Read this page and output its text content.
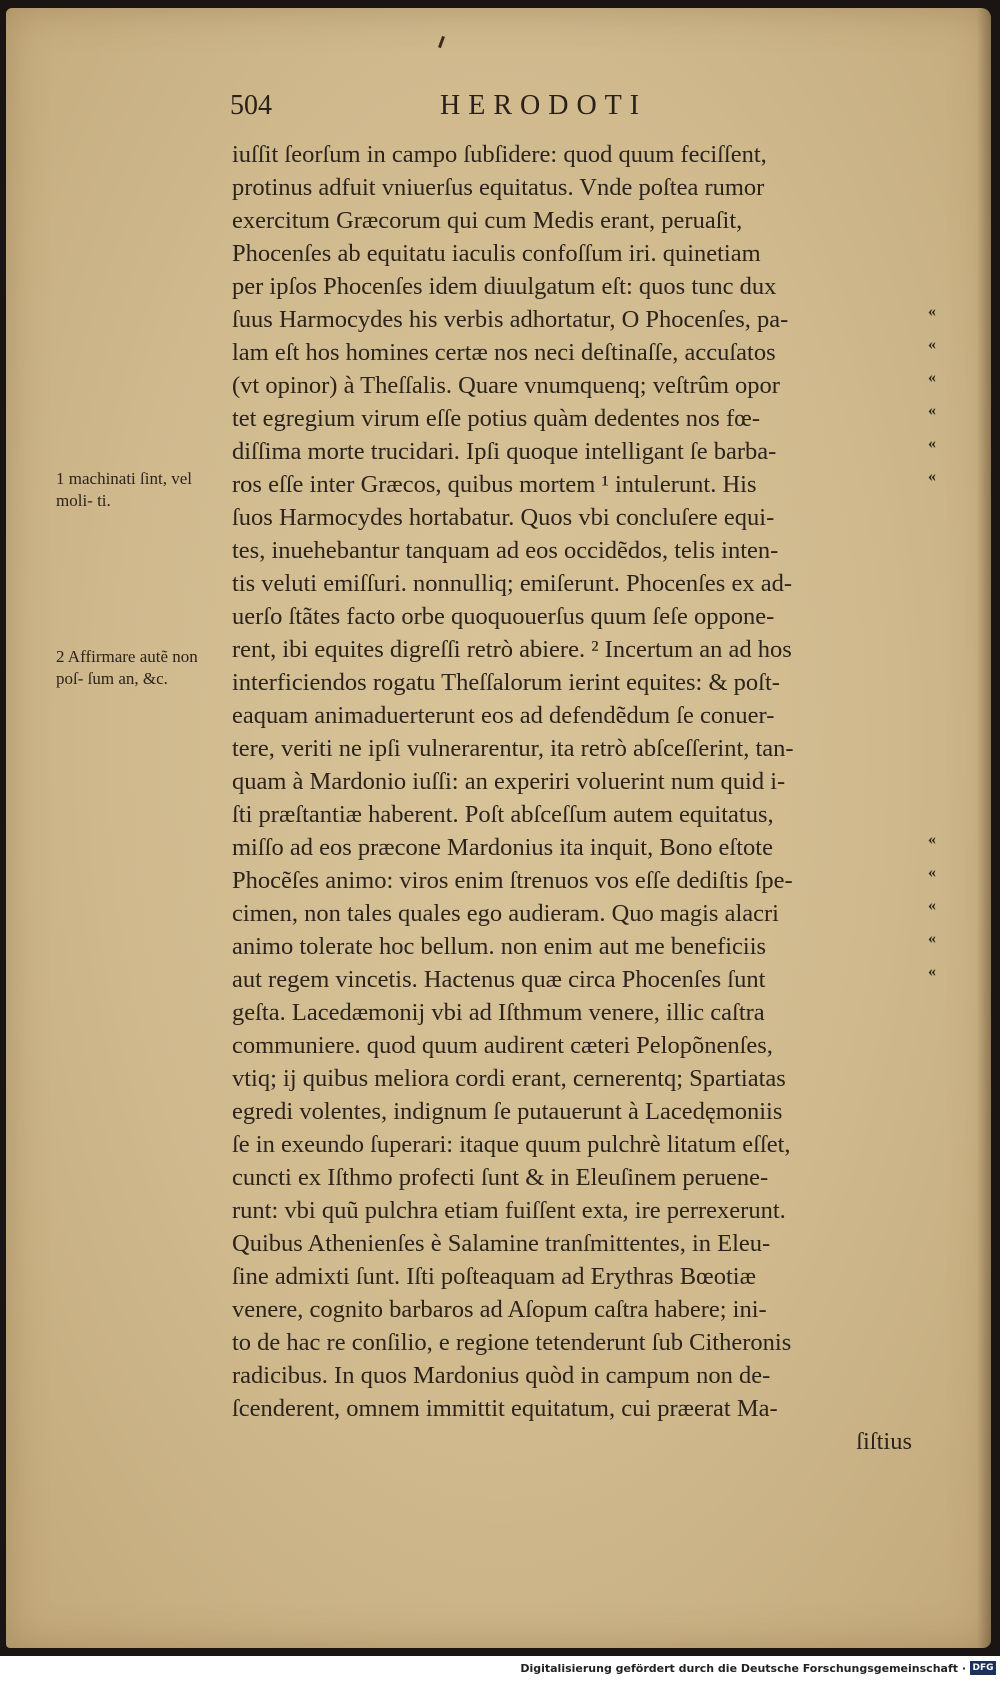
504	HERODOTI
1 machinati ſint, vel moli- ti.
2 Affirmare autẽ non poſ- ſum an, &c.
iuſſit ſeorſum in campo ſubſidere: quod quum feciſſent,
protinus adfuit vniuerſus equitatus. Vnde poſtea rumor
exercitum Græcorum qui cum Medis erant, peruaſit,
Phocenſes ab equitatu iaculis confoſſum iri. quinetiam
per ipſos Phocenſes idem diuulgatum eſt: quos tunc dux
ſuus Harmocydes his verbis adhortatur, O Phocenſes, pa-
lam eſt hos homines certæ nos neci deſtinaſſe, accuſatos
(vt opinor) à Theſſalis. Quare vnumquenq; veſtrûm opor
tet egregium virum eſſe potius quàm dedentes nos fœ-
diſſima morte trucidari. Ipſi quoque intelligant ſe barba-
ros eſſe inter Græcos, quibus mortem ¹ intulerunt. His
ſuos Harmocydes hortabatur. Quos vbi concluſere equi-
tes, inuehebantur tanquam ad eos occidẽdos, telis inten-
tis veluti emiſſuri. nonnulliq; emiſerunt. Phocenſes ex ad-
uerſo ſtãtes facto orbe quoquouerſus quum ſeſe oppone-
rent, ibi equites digreſſi retrò abiere. ² Incertum an ad hos
interficiendos rogatu Theſſalorum ierint equites: & poſt-
eaquam animaduerterunt eos ad defendẽdum ſe conuer-
tere, veriti ne ipſi vulnerarentur, ita retrò abſceſſerint, tan-
quam à Mardonio iuſſi: an experiri voluerint num quid i-
ſti præſtantiæ haberent. Poſt abſceſſum autem equitatus,
miſſo ad eos præcone Mardonius ita inquit, Bono eſtote
Phocẽſes animo: viros enim ſtrenuos vos eſſe dediſtis ſpe-
cimen, non tales quales ego audieram. Quo magis alacri
animo tolerate hoc bellum. non enim aut me beneficiis
aut regem vincetis. Hactenus quæ circa Phocenſes ſunt
geſta. Lacedæmonij vbi ad Iſthmum venere, illic caſtra
communiere. quod quum audirent cæteri Pelopõnenſes,
vtiq; ij quibus meliora cordi erant, cernerentq; Spartiatas
egredi volentes, indignum ſe putauerunt à Lacedęmoniis
ſe in exeundo ſuperari: itaque quum pulchrè litatum eſſet,
cuncti ex Iſthmo profecti ſunt & in Eleuſinem peruene-
runt: vbi quũ pulchra etiam fuiſſent exta, ire perrexerunt.
Quibus Athenienſes è Salamine tranſmittentes, in Eleu-
ſine admixti ſunt. Iſti poſteaquam ad Erythras Bœotiæ
venere, cognito barbaros ad Aſopum caſtra habere; ini-
to de hac re conſilio, e regione tetenderunt ſub Citheronis
radicibus. In quos Mardonius quòd in campum non de-
ſcenderent, omnem immittit equitatum, cui præerat Ma-
ſiſtius
«
«
«
«
«
«
«
«
«
«
«
Digitalisierung gefördert durch die Deutsche Forschungsgemeinschaft · DFG
